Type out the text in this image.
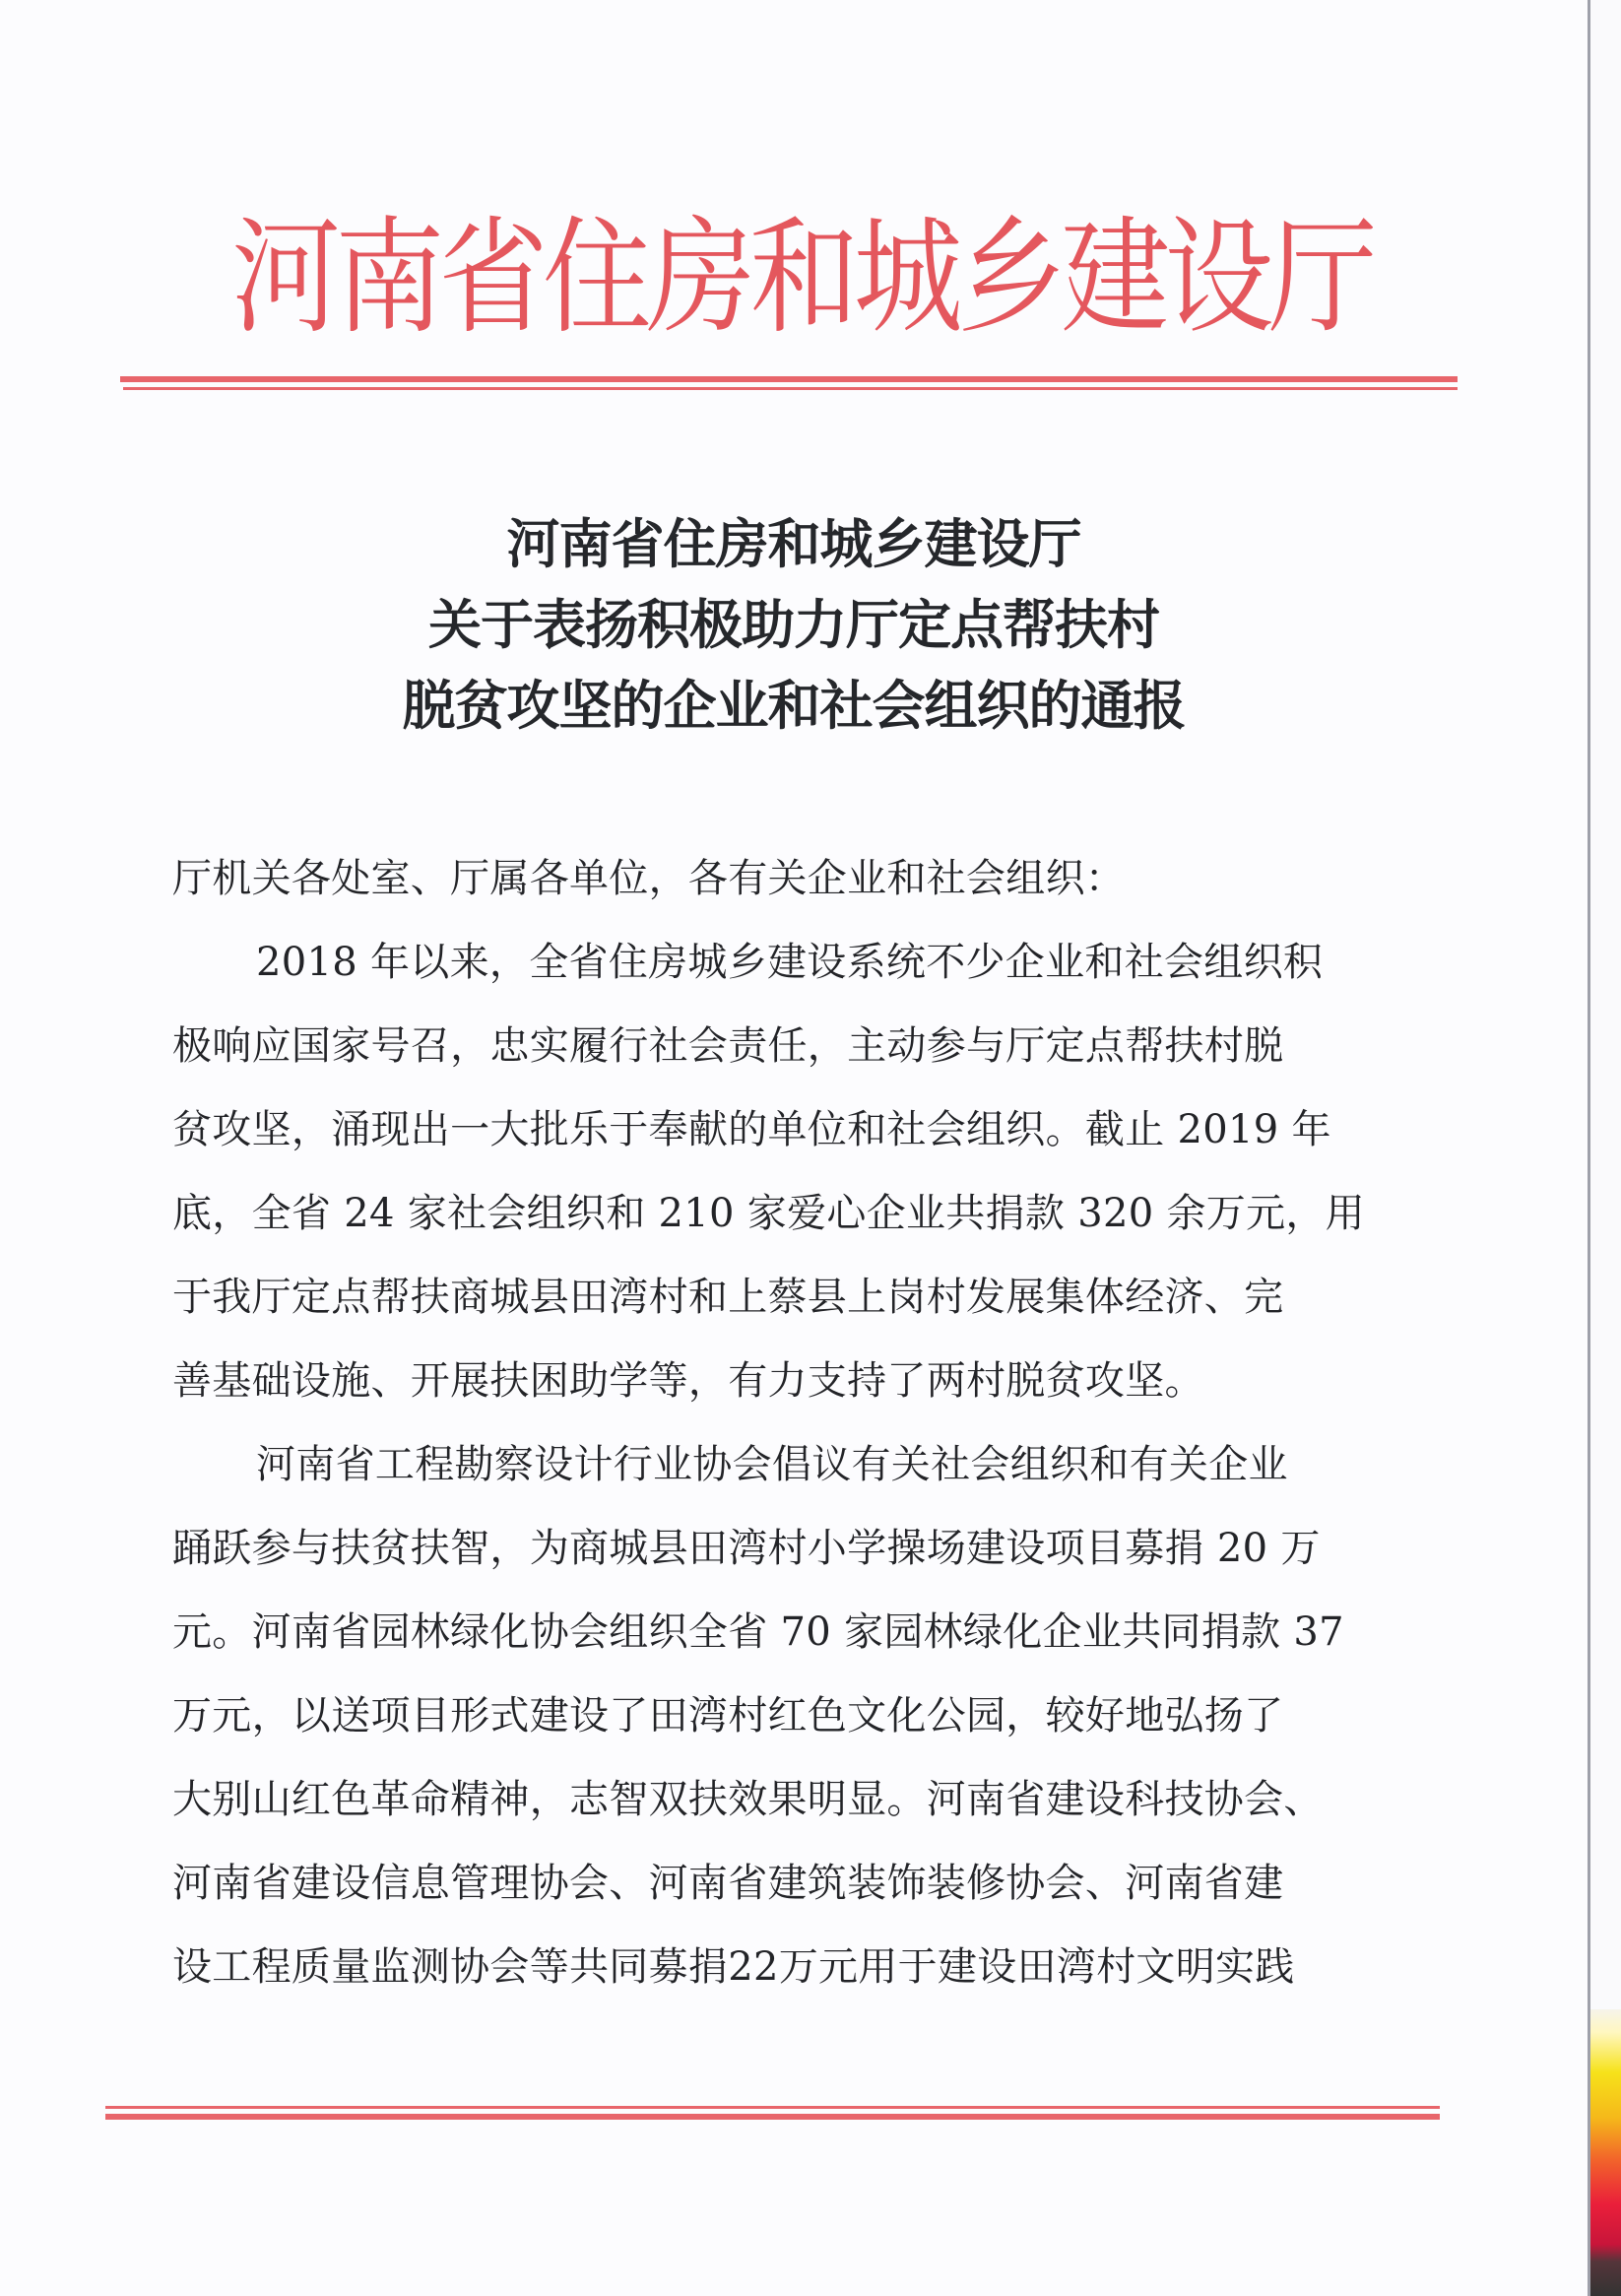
河南省住房和城乡建设厅
河南省住房和城乡建设厅
关于表扬积极助力厅定点帮扶村
脱贫攻坚的企业和社会组织的通报
厅机关各处室、厅属各单位，各有关企业和社会组织：
2018 年以来，全省住房城乡建设系统不少企业和社会组织积
极响应国家号召，忠实履行社会责任，主动参与厅定点帮扶村脱
贫攻坚，涌现出一大批乐于奉献的单位和社会组织。截止 2019 年
底，全省 24 家社会组织和 210 家爱心企业共捐款 320 余万元，用
于我厅定点帮扶商城县田湾村和上蔡县上岗村发展集体经济、完
善基础设施、开展扶困助学等，有力支持了两村脱贫攻坚。
河南省工程勘察设计行业协会倡议有关社会组织和有关企业
踊跃参与扶贫扶智，为商城县田湾村小学操场建设项目募捐 20 万
元。河南省园林绿化协会组织全省 70 家园林绿化企业共同捐款 37
万元，以送项目形式建设了田湾村红色文化公园，较好地弘扬了
大别山红色革命精神，志智双扶效果明显。河南省建设科技协会、
河南省建设信息管理协会、河南省建筑装饰装修协会、河南省建
设工程质量监测协会等共同募捐22万元用于建设田湾村文明实践
